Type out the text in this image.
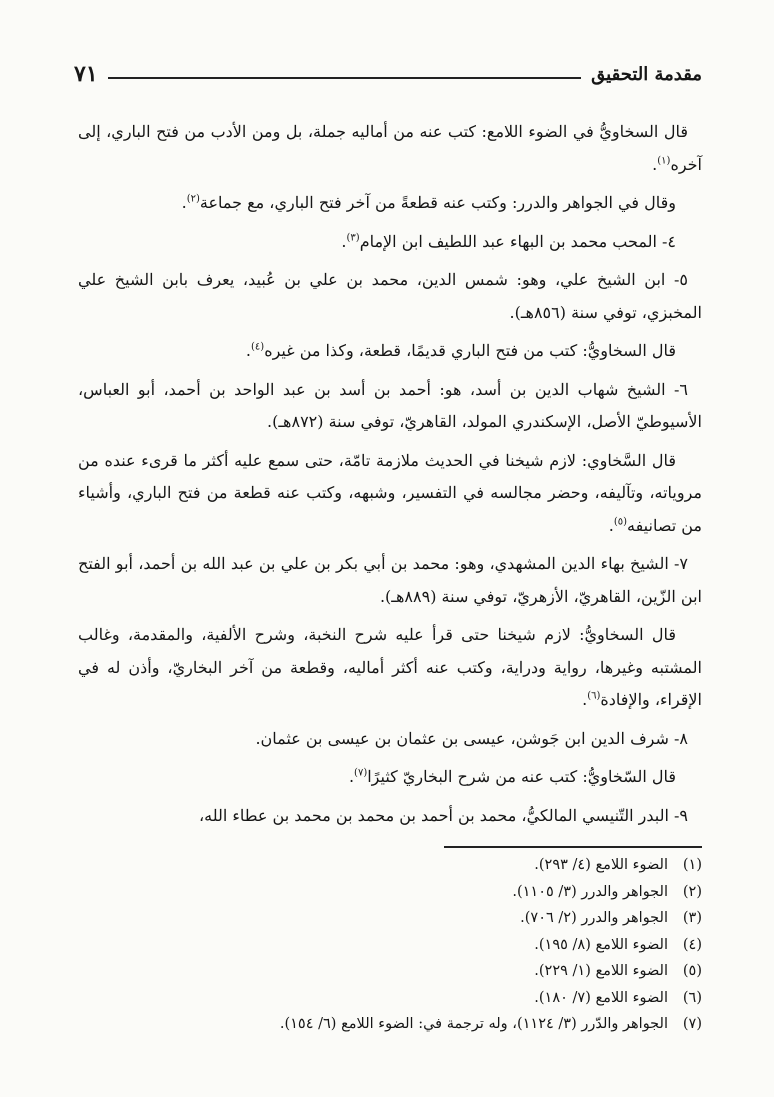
مقدمة التحقيق
٧١

قال السخاويُّ في الضوء اللامع: كتب عنه من أماليه جملة، بل ومن الأدب من فتح الباري، إلى آخره$^{(١)}$.

وقال في الجواهر والدرر: وكتب عنه قطعةً من آخر فتح الباري، مع جماعة$^{(٢)}$.

٤- المحب محمد بن البهاء عبد اللطيف ابن الإمام$^{(٣)}$.

٥- ابن الشيخ علي، وهو: شمس الدين، محمد بن علي بن عُبيد، يعرف بابن الشيخ علي المخبزي، توفي سنة (٨٥٦هـ).

قال السخاويُّ: كتب من فتح الباري قديمًا، قطعة، وكذا من غيره$^{(٤)}$.

٦- الشيخ شهاب الدين بن أسد، هو: أحمد بن أسد بن عبد الواحد بن أحمد، أبو العباس، الأسيوطيّ الأصل، الإسكندري المولد، القاهريّ، توفي سنة (٨٧٢هـ).

قال السَّخاوي: لازم شيخنا في الحديث ملازمة تامّة، حتى سمع عليه أكثر ما قرىء عنده من مروياته، وتآليفه، وحضر مجالسه في التفسير، وشبهه، وكتب عنه قطعة من فتح الباري، وأشياء من تصانيفه$^{(٥)}$.

٧- الشيخ بهاء الدين المشهدي، وهو: محمد بن أبي بكر بن علي بن عبد الله بن أحمد، أبو الفتح ابن الزّين، القاهريّ، الأزهريّ، توفي سنة (٨٨٩هـ).

قال السخاويُّ: لازم شيخنا حتى قرأ عليه شرح النخبة، وشرح الألفية، والمقدمة، وغالب المشتبه وغيرها، رواية ودراية، وكتب عنه أكثر أماليه، وقطعة من آخر البخاريّ، وأذن له في الإقراء، والإفادة$^{(٦)}$.

٨- شرف الدين ابن جَوشن، عيسى بن عثمان بن عيسى بن عثمان.

قال السّخاويُّ: كتب عنه من شرح البخاريّ كثيرًا$^{(٧)}$.

٩- البدر التّنيسي المالكيُّ، محمد بن أحمد بن محمد بن محمد بن عطاء الله،

(١)
الضوء اللامع (٤/ ٢٩٣).
(٢)
الجواهر والدرر (٣/ ١١٠٥).
(٣)
الجواهر والدرر (٢/ ٧٠٦).
(٤)
الضوء اللامع (٨/ ١٩٥).
(٥)
الضوء اللامع (١/ ٢٢٩).
(٦)
الضوء اللامع (٧/ ١٨٠).
(٧)
الجواهر والدّرر (٣/ ١١٢٤)، وله ترجمة في: الضوء اللامع (٦/ ١٥٤).
